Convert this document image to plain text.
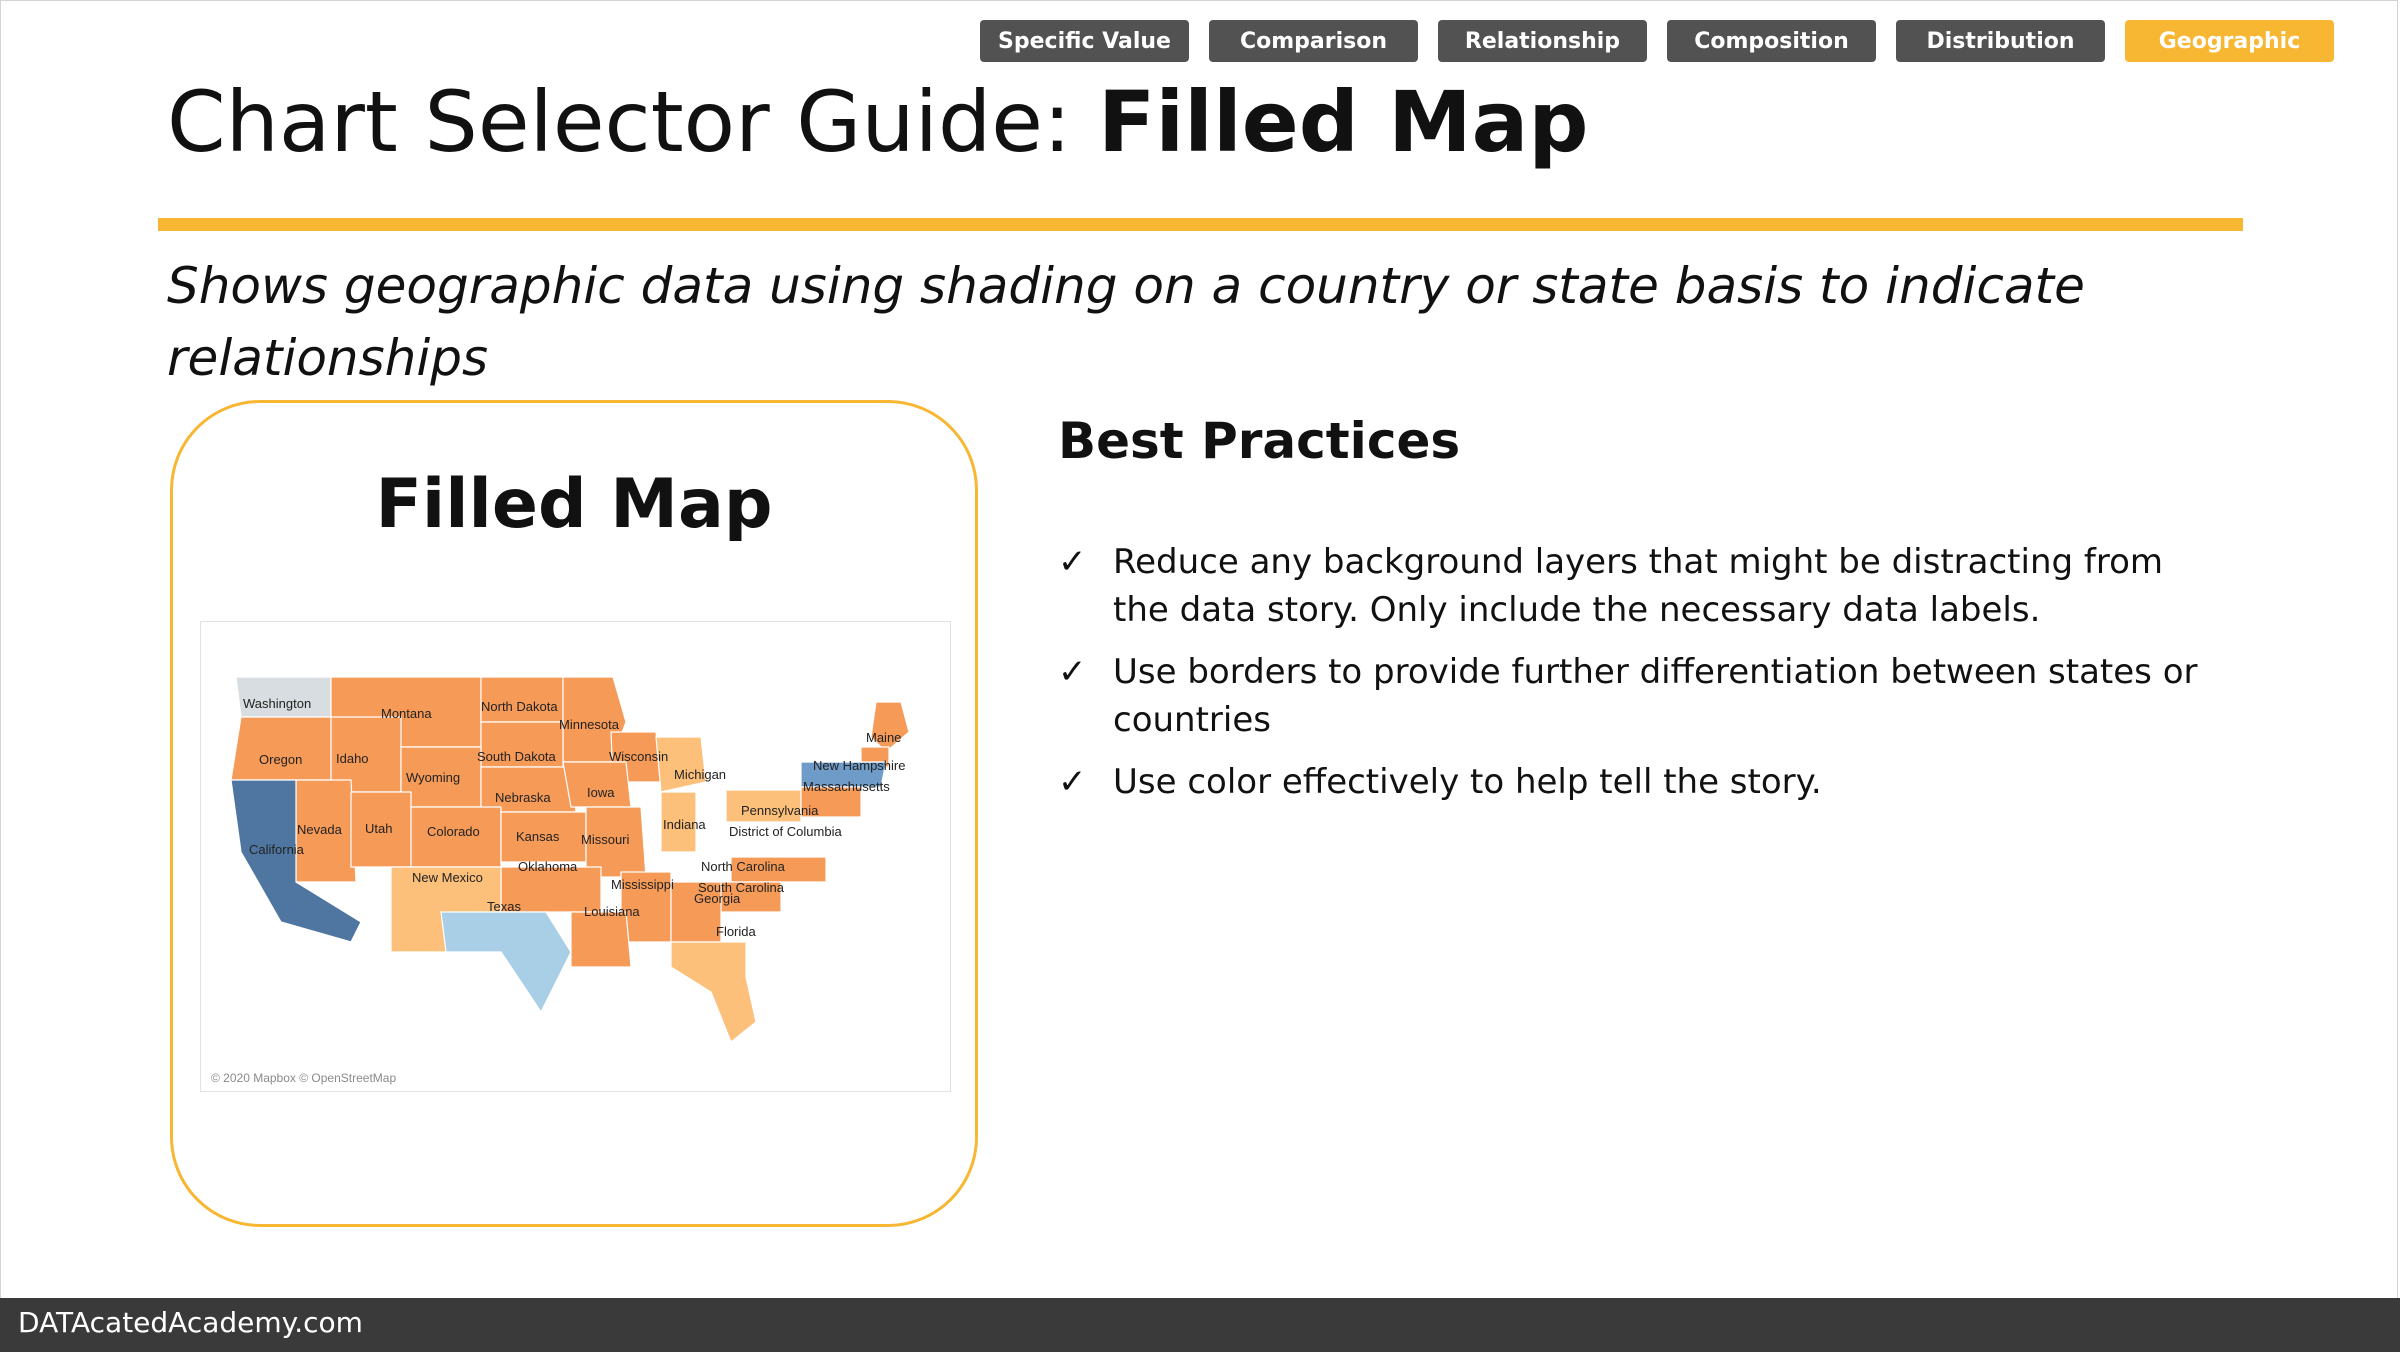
Specific Value	Comparison	Relationship	Composition	Distribution	Geographic
Chart Selector Guide: Filled Map
Shows geographic data using shading on a country or state basis to indicate relationships
Filled Map
Washington
Montana	North Dakota
Minnesota
Maine
Oregon	Idaho	South Dakota	Wisconsin
New Hampshire
Wyoming	Michigan
Massachusetts
Nebraska	Iowa
Pennsylvania
Indiana District of Columbia
Nevada Utah	Colorado	Kansas Missouri
California
Oklahoma	North Carolina
New Mexico	Mississippi South Carolina
Georgia
Texas	Louisiana
Florida
© 2020 Mapbox © OpenStreetMap
Best Practices
✓ Reduce any background layers that might be distracting from the data story. Only include the necessary data labels.
✓ Use borders to provide further differentiation between states or countries
✓ Use color effectively to help tell the story.
DATAcatedAcademy.com
